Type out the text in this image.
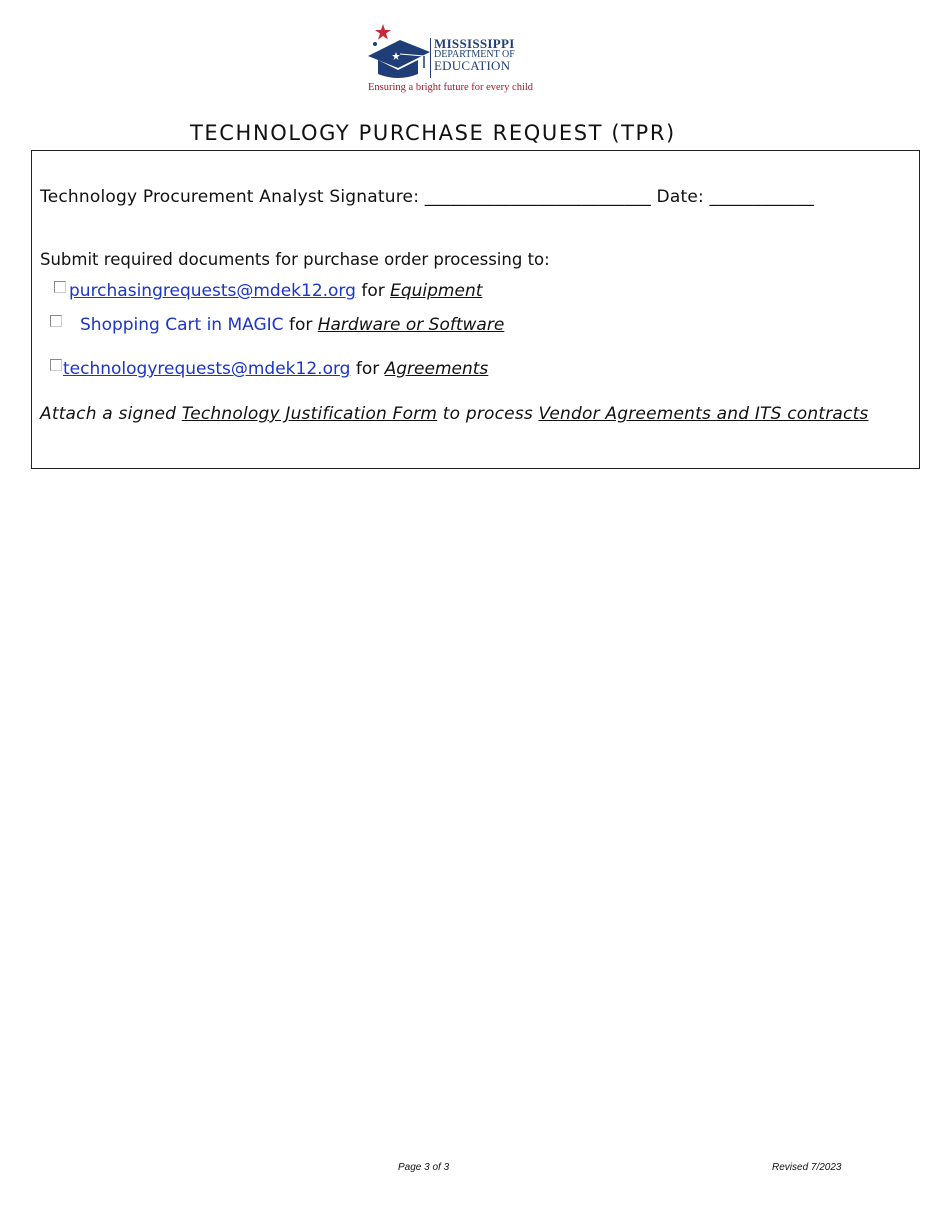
MISSISSIPPI
DEPARTMENT OF
EDUCATION
Ensuring a bright future for every child
TECHNOLOGY PURCHASE REQUEST (TPR)
Technology Procurement Analyst Signature: __________________________ Date: ____________
Submit required documents for purchase order processing to:
purchasingrequests@mdek12.org for Equipment
Shopping Cart in MAGIC for Hardware or Software
technologyrequests@mdek12.org for Agreements
Attach a signed Technology Justification Form to process Vendor Agreements and ITS contracts
Page 3 of 3	Revised 7/2023
